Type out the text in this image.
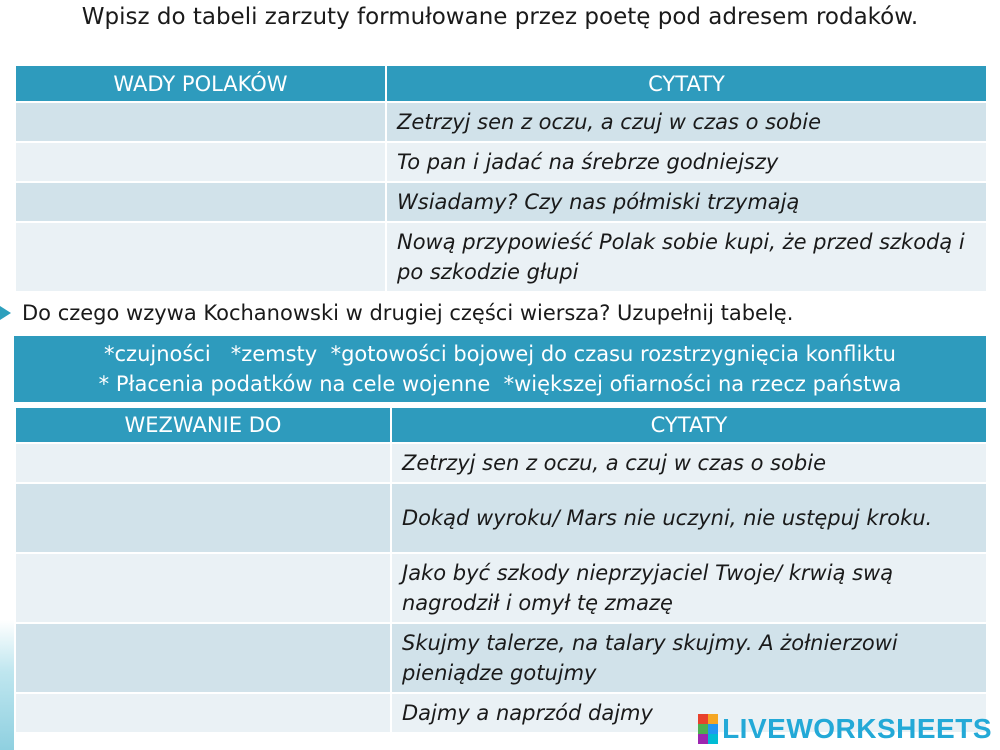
Wpisz do tabeli zarzuty formułowane przez poetę pod adresem rodaków.
WADY POLAKÓW	CYTATY
	Zetrzyj sen z oczu, a czuj w czas o sobie
	To pan i jadać na śrebrze godniejszy
	Wsiadamy? Czy nas półmiski trzymają
	Nową przypowieść Polak sobie kupi, że przed szkodą i po szkodzie głupi
Do czego wzywa Kochanowski w drugiej części wiersza? Uzupełnij tabelę.
*czujności   *zemsty  *gotowości bojowej do czasu rozstrzygnięcia konfliktu
* Płacenia podatków na cele wojenne  *większej ofiarności na rzecz państwa
WEZWANIE DO	CYTATY
	Zetrzyj sen z oczu, a czuj w czas o sobie
	Dokąd wyroku/ Mars nie uczyni, nie ustępuj kroku.
	Jako być szkody nieprzyjaciel Twoje/ krwią swą nagrodził i omył tę zmazę
	Skujmy talerze, na talary skujmy. A żołnierzowi pieniądze gotujmy
	Dajmy a naprzód dajmy LIVEWORKSHEETS
